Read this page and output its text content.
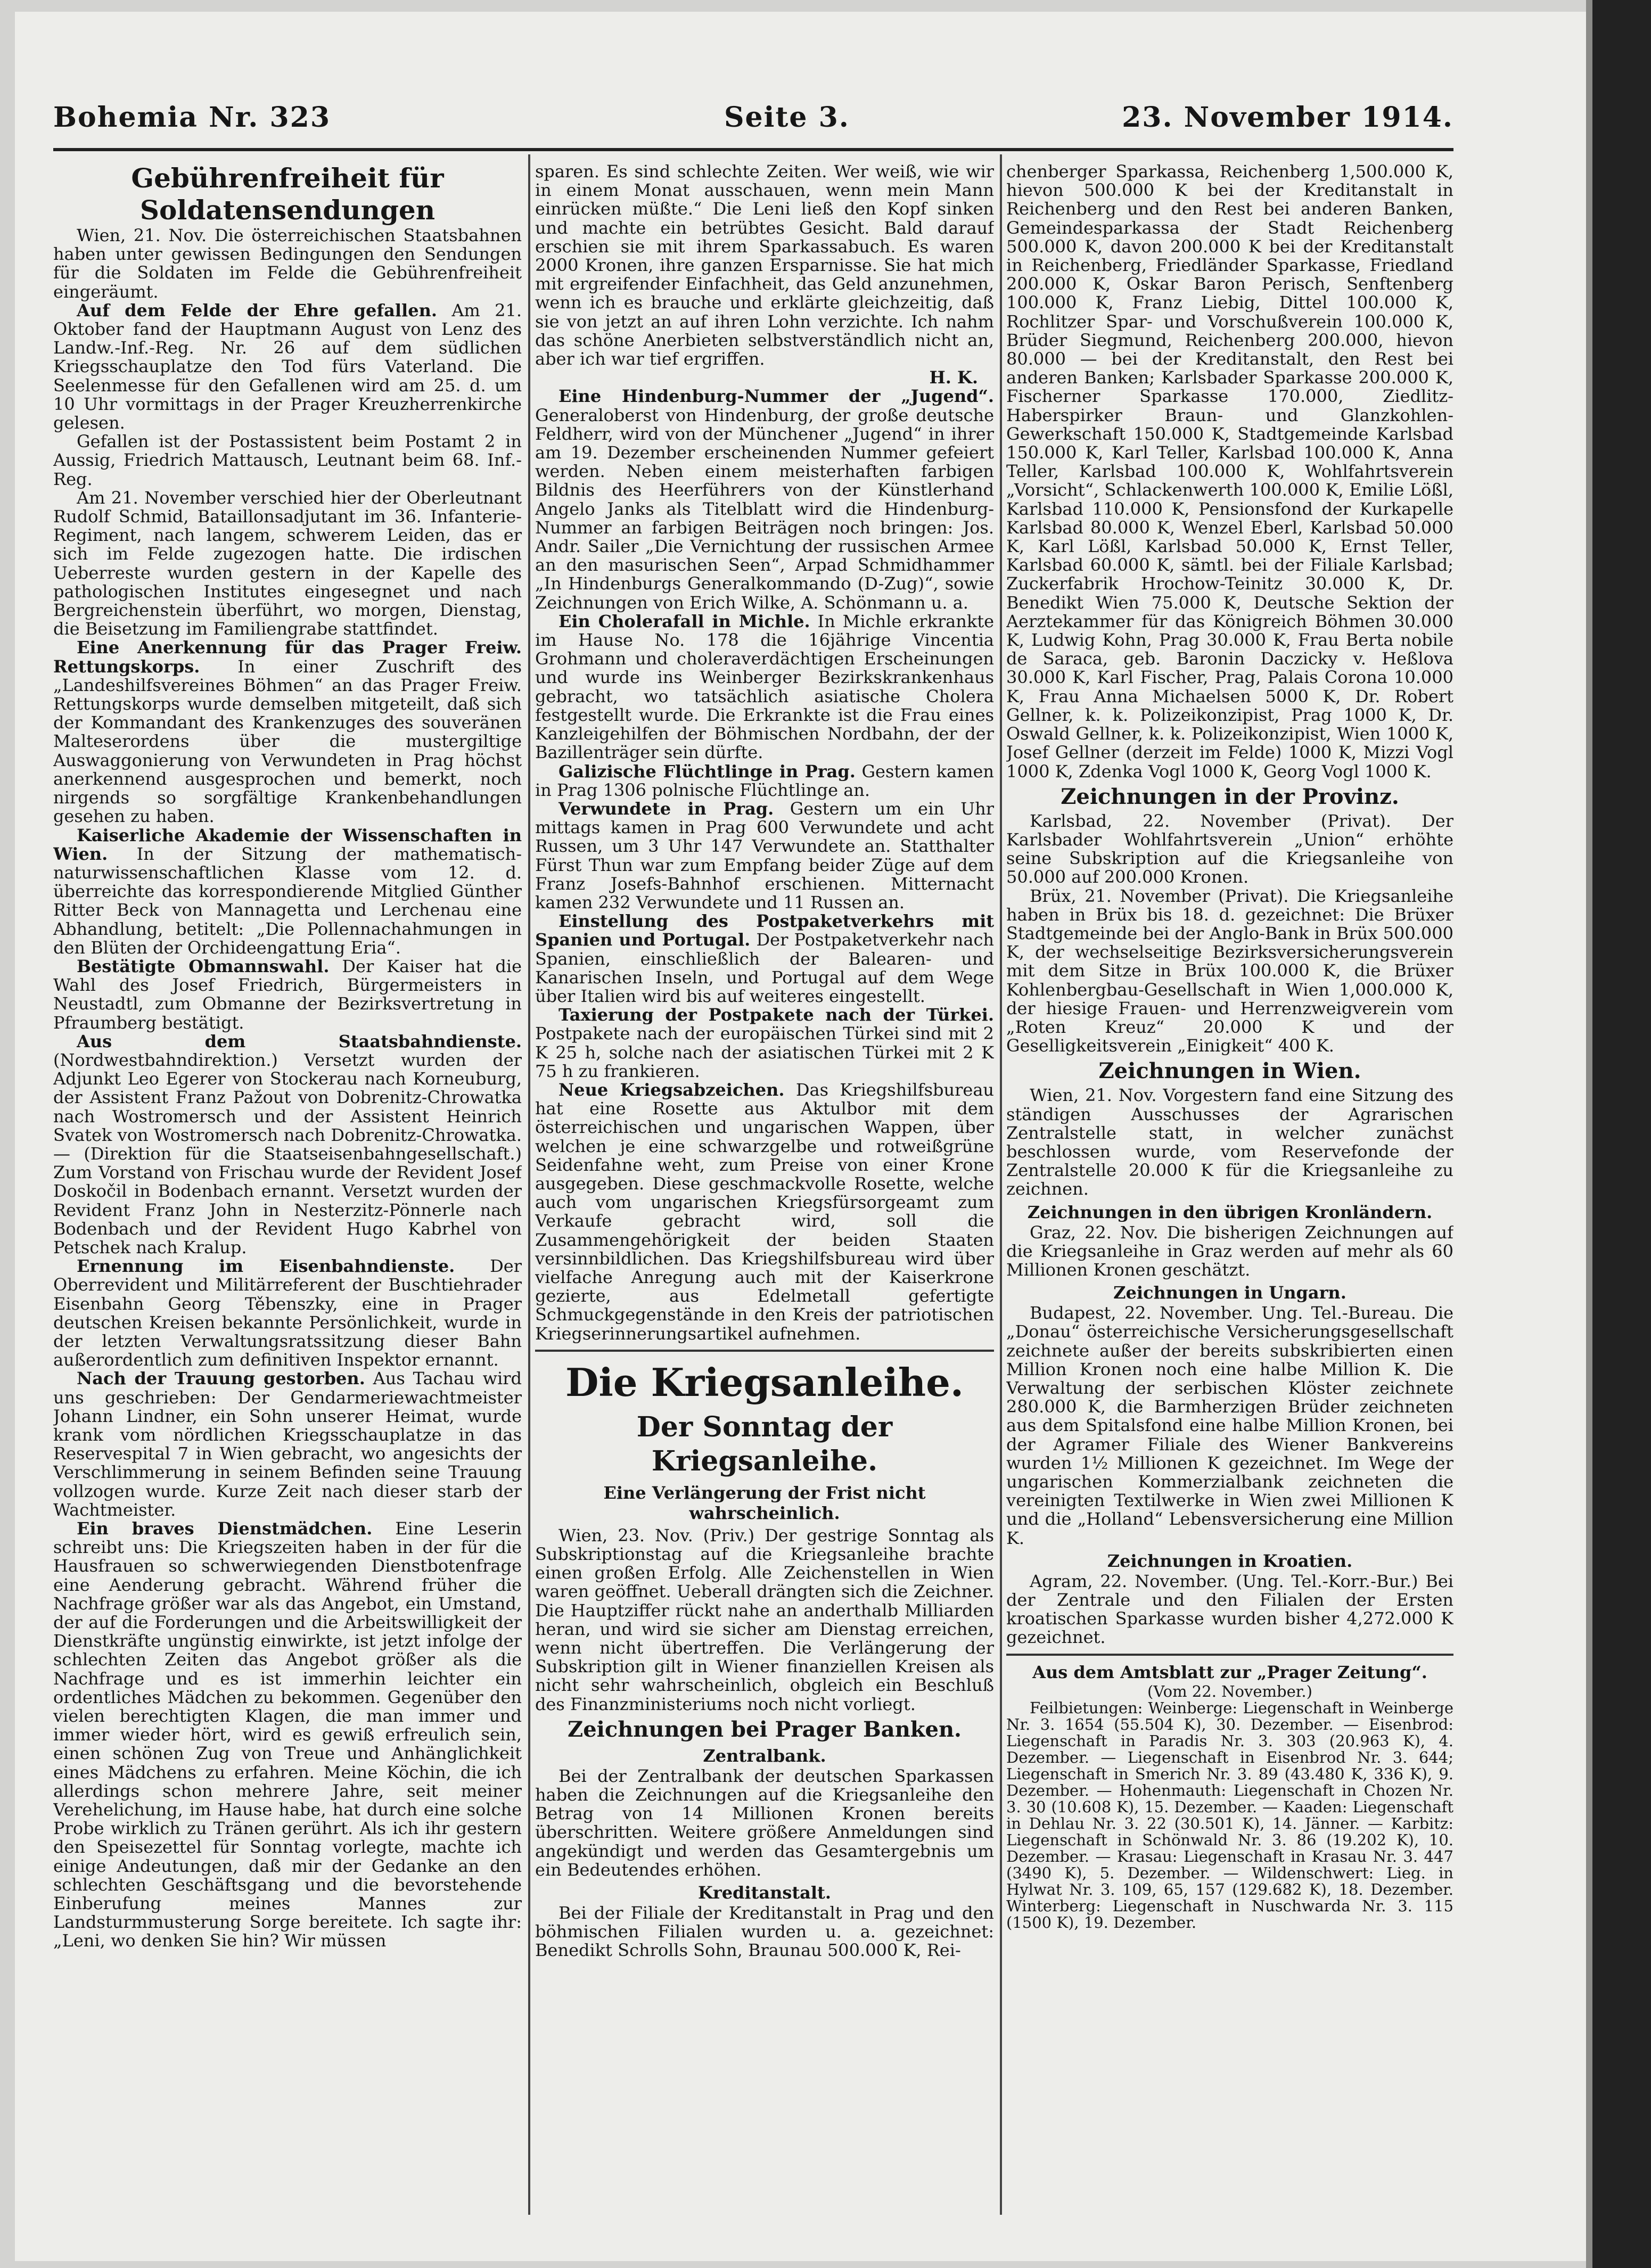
Bohemia Nr. 323	Seite 3.	23. November 1914.
Gebührenfreiheit für Soldatensendungen

Wien, 21. Nov. Die österreichischen Staatsbahnen haben unter gewissen Bedingungen den Sendungen für die Soldaten im Felde die Gebührenfreiheit eingeräumt.

Auf dem Felde der Ehre gefallen. Am 21. Oktober fand der Hauptmann August von Lenz des Landw.-Inf.-Reg. Nr. 26 auf dem südlichen Kriegsschauplatze den Tod fürs Vaterland. Die Seelenmesse für den Gefallenen wird am 25. d. um 10 Uhr vormittags in der Prager Kreuzherrenkirche gelesen.

Gefallen ist der Postassistent beim Postamt 2 in Aussig, Friedrich Mattausch, Leutnant beim 68. Inf.-Reg.

Am 21. November verschied hier der Oberleutnant Rudolf Schmid, Bataillonsadjutant im 36. Infanterie-Regiment, nach langem, schwerem Leiden, das er sich im Felde zugezogen hatte. Die irdischen Ueberreste wurden gestern in der Kapelle des pathologischen Institutes eingesegnet und nach Bergreichenstein überführt, wo morgen, Dienstag, die Beisetzung im Familiengrabe stattfindet.

Eine Anerkennung für das Prager Freiw. Rettungskorps. In einer Zuschrift des „Landeshilfsvereines Böhmen“ an das Prager Freiw. Rettungskorps wurde demselben mitgeteilt, daß sich der Kommandant des Krankenzuges des souveränen Malteserordens über die mustergiltige Auswaggonierung von Verwundeten in Prag höchst anerkennend ausgesprochen und bemerkt, noch nirgends so sorgfältige Krankenbehandlungen gesehen zu haben.

Kaiserliche Akademie der Wissenschaften in Wien. In der Sitzung der mathematisch-naturwissenschaftlichen Klasse vom 12. d. überreichte das korrespondierende Mitglied Günther Ritter Beck von Mannagetta und Lerchenau eine Abhandlung, betitelt: „Die Pollennachahmungen in den Blüten der Orchideengattung Eria“.

Bestätigte Obmannswahl. Der Kaiser hat die Wahl des Josef Friedrich, Bürgermeisters in Neustadtl, zum Obmanne der Bezirksvertretung in Pfraumberg bestätigt.

Aus dem Staatsbahndienste. (Nordwestbahndirektion.) Versetzt wurden der Adjunkt Leo Egerer von Stockerau nach Korneuburg, der Assistent Franz Pažout von Dobrenitz-Chrowatka nach Wostromersch und der Assistent Heinrich Svatek von Wostromersch nach Dobrenitz-Chrowatka. — (Direktion für die Staatseisenbahngesellschaft.) Zum Vorstand von Frischau wurde der Revident Josef Doskočil in Bodenbach ernannt. Versetzt wurden der Revident Franz John in Nesterzitz-Pönnerle nach Bodenbach und der Revident Hugo Kabrhel von Petschek nach Kralup.

Ernennung im Eisenbahndienste. Der Oberrevident und Militärreferent der Buschtiehrader Eisenbahn Georg Těbenszky, eine in Prager deutschen Kreisen bekannte Persönlichkeit, wurde in der letzten Verwaltungsratssitzung dieser Bahn außerordentlich zum definitiven Inspektor ernannt.

Nach der Trauung gestorben. Aus Tachau wird uns geschrieben: Der Gendarmeriewachtmeister Johann Lindner, ein Sohn unserer Heimat, wurde krank vom nördlichen Kriegsschauplatze in das Reservespital 7 in Wien gebracht, wo angesichts der Verschlimmerung in seinem Befinden seine Trauung vollzogen wurde. Kurze Zeit nach dieser starb der Wachtmeister.

Ein braves Dienstmädchen. Eine Leserin schreibt uns: Die Kriegszeiten haben in der für die Hausfrauen so schwerwiegenden Dienstbotenfrage eine Aenderung gebracht. Während früher die Nachfrage größer war als das Angebot, ein Umstand, der auf die Forderungen und die Arbeitswilligkeit der Dienstkräfte ungünstig einwirkte, ist jetzt infolge der schlechten Zeiten das Angebot größer als die Nachfrage und es ist immerhin leichter ein ordentliches Mädchen zu bekommen. Gegenüber den vielen berechtigten Klagen, die man immer und immer wieder hört, wird es gewiß erfreulich sein, einen schönen Zug von Treue und Anhänglichkeit eines Mädchens zu erfahren. Meine Köchin, die ich allerdings schon mehrere Jahre, seit meiner Verehelichung, im Hause habe, hat durch eine solche Probe wirklich zu Tränen gerührt. Als ich ihr gestern den Speisezettel für Sonntag vorlegte, machte ich einige Andeutungen, daß mir der Gedanke an den schlechten Geschäftsgang und die bevorstehende Einberufung meines Mannes zur Landsturmmusterung Sorge bereitete. Ich sagte ihr: „Leni, wo denken Sie hin? Wir müssen

sparen. Es sind schlechte Zeiten. Wer weiß, wie wir in einem Monat ausschauen, wenn mein Mann einrücken müßte.“ Die Leni ließ den Kopf sinken und machte ein betrübtes Gesicht. Bald darauf erschien sie mit ihrem Sparkassabuch. Es waren 2000 Kronen, ihre ganzen Ersparnisse. Sie hat mich mit ergreifender Einfachheit, das Geld anzunehmen, wenn ich es brauche und erklärte gleichzeitig, daß sie von jetzt an auf ihren Lohn verzichte. Ich nahm das schöne Anerbieten selbstverständlich nicht an, aber ich war tief ergriffen.

H. K.

Eine Hindenburg-Nummer der „Jugend“. Generaloberst von Hindenburg, der große deutsche Feldherr, wird von der Münchener „Jugend“ in ihrer am 19. Dezember erscheinenden Nummer gefeiert werden. Neben einem meisterhaften farbigen Bildnis des Heerführers von der Künstlerhand Angelo Janks als Titelblatt wird die Hindenburg-Nummer an farbigen Beiträgen noch bringen: Jos. Andr. Sailer „Die Vernichtung der russischen Armee an den masurischen Seen“, Arpad Schmidhammer „In Hindenburgs Generalkommando (D-Zug)“, sowie Zeichnungen von Erich Wilke, A. Schönmann u. a.

Ein Cholerafall in Michle. In Michle erkrankte im Hause No. 178 die 16jährige Vincentia Grohmann und choleraverdächtigen Erscheinungen und wurde ins Weinberger Bezirkskrankenhaus gebracht, wo tatsächlich asiatische Cholera festgestellt wurde. Die Erkrankte ist die Frau eines Kanzleigehilfen der Böhmischen Nordbahn, der der Bazillenträger sein dürfte.

Galizische Flüchtlinge in Prag. Gestern kamen in Prag 1306 polnische Flüchtlinge an.

Verwundete in Prag. Gestern um ein Uhr mittags kamen in Prag 600 Verwundete und acht Russen, um 3 Uhr 147 Verwundete an. Statthalter Fürst Thun war zum Empfang beider Züge auf dem Franz Josefs-Bahnhof erschienen. Mitternacht kamen 232 Verwundete und 11 Russen an.

Einstellung des Postpaketverkehrs mit Spanien und Portugal. Der Postpaketverkehr nach Spanien, einschließlich der Balearen- und Kanarischen Inseln, und Portugal auf dem Wege über Italien wird bis auf weiteres eingestellt.

Taxierung der Postpakete nach der Türkei. Postpakete nach der europäischen Türkei sind mit 2 K 25 h, solche nach der asiatischen Türkei mit 2 K 75 h zu frankieren.

Neue Kriegsabzeichen. Das Kriegshilfsbureau hat eine Rosette aus Aktulbor mit dem österreichischen und ungarischen Wappen, über welchen je eine schwarzgelbe und rotweißgrüne Seidenfahne weht, zum Preise von einer Krone ausgegeben. Diese geschmackvolle Rosette, welche auch vom ungarischen Kriegsfürsorgeamt zum Verkaufe gebracht wird, soll die Zusammengehörigkeit der beiden Staaten versinnbildlichen. Das Kriegshilfsbureau wird über vielfache Anregung auch mit der Kaiserkrone gezierte, aus Edelmetall gefertigte Schmuckgegenstände in den Kreis der patriotischen Kriegserinnerungsartikel aufnehmen.

Die Kriegsanleihe.
Der Sonntag der Kriegsanleihe.
Eine Verlängerung der Frist nicht wahrscheinlich.

Wien, 23. Nov. (Priv.) Der gestrige Sonntag als Subskriptionstag auf die Kriegsanleihe brachte einen großen Erfolg. Alle Zeichenstellen in Wien waren geöffnet. Ueberall drängten sich die Zeichner. Die Hauptziffer rückt nahe an anderthalb Milliarden heran, und wird sie sicher am Dienstag erreichen, wenn nicht übertreffen. Die Verlängerung der Subskription gilt in Wiener finanziellen Kreisen als nicht sehr wahrscheinlich, obgleich ein Beschluß des Finanzministeriums noch nicht vorliegt.

Zeichnungen bei Prager Banken.
Zentralbank.

Bei der Zentralbank der deutschen Sparkassen haben die Zeichnungen auf die Kriegsanleihe den Betrag von 14 Millionen Kronen bereits überschritten. Weitere größere Anmeldungen sind angekündigt und werden das Gesamtergebnis um ein Bedeutendes erhöhen.

Kreditanstalt.

Bei der Filiale der Kreditanstalt in Prag und den böhmischen Filialen wurden u. a. gezeichnet: Benedikt Schrolls Sohn, Braunau 500.000 K, Rei-

chenberger Sparkassa, Reichenberg 1,500.000 K, hievon 500.000 K bei der Kreditanstalt in Reichenberg und den Rest bei anderen Banken, Gemeindesparkassa der Stadt Reichenberg 500.000 K, davon 200.000 K bei der Kreditanstalt in Reichenberg, Friedländer Sparkasse, Friedland 200.000 K, Oskar Baron Perisch, Senftenberg 100.000 K, Franz Liebig, Dittel 100.000 K, Rochlitzer Spar- und Vorschußverein 100.000 K, Brüder Siegmund, Reichenberg 200.000, hievon 80.000 — bei der Kreditanstalt, den Rest bei anderen Banken; Karlsbader Sparkasse 200.000 K, Fischerner Sparkasse 170.000, Ziedlitz-Haberspirker Braun- und Glanzkohlen-Gewerkschaft 150.000 K, Stadtgemeinde Karlsbad 150.000 K, Karl Teller, Karlsbad 100.000 K, Anna Teller, Karlsbad 100.000 K, Wohlfahrtsverein „Vorsicht“, Schlackenwerth 100.000 K, Emilie Lößl, Karlsbad 110.000 K, Pensionsfond der Kurkapelle Karlsbad 80.000 K, Wenzel Eberl, Karlsbad 50.000 K, Karl Lößl, Karlsbad 50.000 K, Ernst Teller, Karlsbad 60.000 K, sämtl. bei der Filiale Karlsbad; Zuckerfabrik Hrochow-Teinitz 30.000 K, Dr. Benedikt Wien 75.000 K, Deutsche Sektion der Aerztekammer für das Königreich Böhmen 30.000 K, Ludwig Kohn, Prag 30.000 K, Frau Berta nobile de Saraca, geb. Baronin Daczicky v. Heßlova 30.000 K, Karl Fischer, Prag, Palais Corona 10.000 K, Frau Anna Michaelsen 5000 K, Dr. Robert Gellner, k. k. Polizeikonzipist, Prag 1000 K, Dr. Oswald Gellner, k. k. Polizeikonzipist, Wien 1000 K, Josef Gellner (derzeit im Felde) 1000 K, Mizzi Vogl 1000 K, Zdenka Vogl 1000 K, Georg Vogl 1000 K.

Zeichnungen in der Provinz.

Karlsbad, 22. November (Privat). Der Karlsbader Wohlfahrtsverein „Union“ erhöhte seine Subskription auf die Kriegsanleihe von 50.000 auf 200.000 Kronen.

Brüx, 21. November (Privat). Die Kriegsanleihe haben in Brüx bis 18. d. gezeichnet: Die Brüxer Stadtgemeinde bei der Anglo-Bank in Brüx 500.000 K, der wechselseitige Bezirksversicherungsverein mit dem Sitze in Brüx 100.000 K, die Brüxer Kohlenbergbau-Gesellschaft in Wien 1,000.000 K, der hiesige Frauen- und Herrenzweigverein vom „Roten Kreuz“ 20.000 K und der Geselligkeitsverein „Einigkeit“ 400 K.

Zeichnungen in Wien.

Wien, 21. Nov. Vorgestern fand eine Sitzung des ständigen Ausschusses der Agrarischen Zentralstelle statt, in welcher zunächst beschlossen wurde, vom Reservefonde der Zentralstelle 20.000 K für die Kriegsanleihe zu zeichnen.

Zeichnungen in den übrigen Kronländern.

Graz, 22. Nov. Die bisherigen Zeichnungen auf die Kriegsanleihe in Graz werden auf mehr als 60 Millionen Kronen geschätzt.

Zeichnungen in Ungarn.

Budapest, 22. November. Ung. Tel.-Bureau. Die „Donau“ österreichische Versicherungsgesellschaft zeichnete außer der bereits subskribierten einen Million Kronen noch eine halbe Million K. Die Verwaltung der serbischen Klöster zeichnete 280.000 K, die Barmherzigen Brüder zeichneten aus dem Spitalsfond eine halbe Million Kronen, bei der Agramer Filiale des Wiener Bankvereins wurden 1½ Millionen K gezeichnet. Im Wege der ungarischen Kommerzialbank zeichneten die vereinigten Textilwerke in Wien zwei Millionen K und die „Holland“ Lebensversicherung eine Million K.

Zeichnungen in Kroatien.

Agram, 22. November. (Ung. Tel.-Korr.-Bur.) Bei der Zentrale und den Filialen der Ersten kroatischen Sparkasse wurden bisher 4,272.000 K gezeichnet.

Aus dem Amtsblatt zur „Prager Zeitung“.
(Vom 22. November.)

Feilbietungen: Weinberge: Liegenschaft in Weinberge Nr. 3. 1654 (55.504 K), 30. Dezember. — Eisenbrod: Liegenschaft in Paradis Nr. 3. 303 (20.963 K), 4. Dezember. — Liegenschaft in Eisenbrod Nr. 3. 644; Liegenschaft in Smerich Nr. 3. 89 (43.480 K, 336 K), 9. Dezember. — Hohenmauth: Liegenschaft in Chozen Nr. 3. 30 (10.608 K), 15. Dezember. — Kaaden: Liegenschaft in Dehlau Nr. 3. 22 (30.501 K), 14. Jänner. — Karbitz: Liegenschaft in Schönwald Nr. 3. 86 (19.202 K), 10. Dezember. — Krasau: Liegenschaft in Krasau Nr. 3. 447 (3490 K), 5. Dezember. — Wildenschwert: Lieg. in Hylwat Nr. 3. 109, 65, 157 (129.682 K), 18. Dezember. Winterberg: Liegenschaft in Nuschwarda Nr. 3. 115 (1500 K), 19. Dezember.
